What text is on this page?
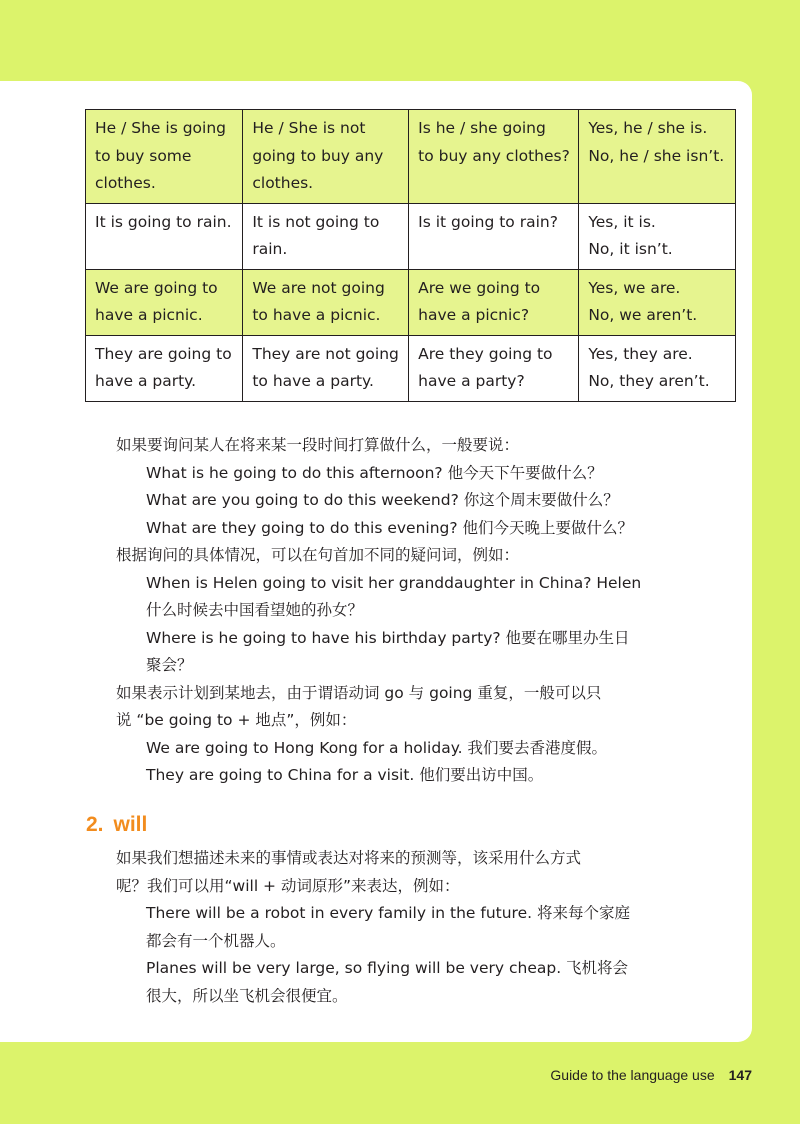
He / She is going
to buy some
clothes.	He / She is not
going to buy any
clothes.	Is he / she going
to buy any clothes?	Yes, he / she is.
No, he / she isn’t.

It is going to rain.	It is not going to
rain.	Is it going to rain?	Yes, it is.
No, it isn’t.

We are going to
have a picnic.	We are not going
to have a picnic.	Are we going to
have a picnic?	Yes, we are.
No, we aren’t.

They are going to
have a party.	They are not going
to have a party.	Are they going to
have a party?	Yes, they are.
No, they aren’t.
如果要询问某人在将来某一段时间打算做什么，一般要说：
What is he going to do this afternoon? 他今天下午要做什么？
What are you going to do this weekend? 你这个周末要做什么？
What are they going to do this evening? 他们今天晚上要做什么？
根据询问的具体情况，可以在句首加不同的疑问词，例如：
When is Helen going to visit her granddaughter in China? Helen
什么时候去中国看望她的孙女？
Where is he going to have his birthday party? 他要在哪里办生日
聚会？
如果表示计划到某地去，由于谓语动词 go 与 going 重复，一般可以只
说 “be going to + 地点”，例如：
We are going to Hong Kong for a holiday. 我们要去香港度假。
They are going to China for a visit. 他们要出访中国。
2. will
如果我们想描述未来的事情或表达对将来的预测等，该采用什么方式
呢？我们可以用“will + 动词原形”来表达，例如：
There will be a robot in every family in the future. 将来每个家庭
都会有一个机器人。
Planes will be very large, so flying will be very cheap. 飞机将会
很大，所以坐飞机会很便宜。
Guide to the language use 147
